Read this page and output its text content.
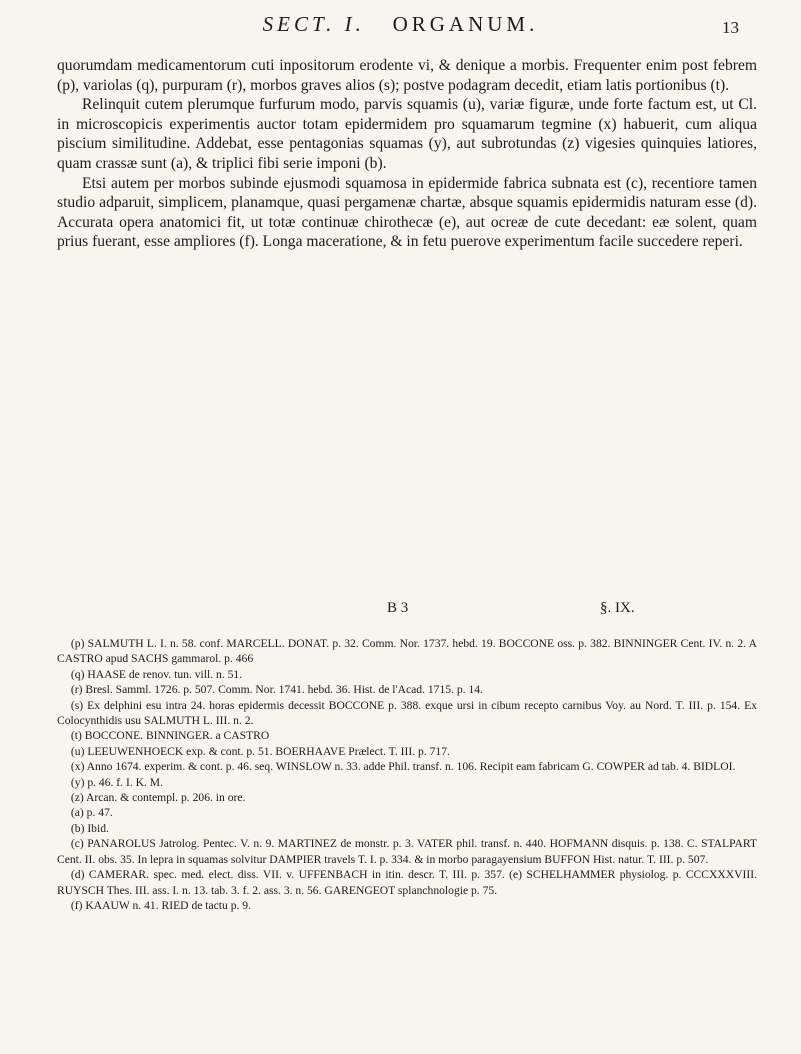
SECT. I. ORGANUM.	13

quorumdam medicamentorum cuti inpositorum erodente vi, & denique a morbis. Frequenter enim post febrem (p), variolas (q), purpuram (r), morbos graves alios (s); postve podagram decedit, etiam latis portionibus (t).

Relinquit cutem plerumque furfurum modo, parvis squamis (u), variæ figuræ, unde forte factum est, ut Cl. in microscopicis experimentis auctor totam epidermidem pro squamarum tegmine (x) habuerit, cum aliqua piscium similitudine. Addebat, esse pentagonias squamas (y), aut subrotundas (z) vigesies quinquies latiores, quam crassæ sunt (a), & triplici fibi serie imponi (b).

Etsi autem per morbos subinde ejusmodi squamosa in epidermide fabrica subnata est (c), recentiore tamen studio adparuit, simplicem, planamque, quasi pergamenæ chartæ, absque squamis epidermidis naturam esse (d). Accurata opera anatomici fit, ut totæ continuæ chirothecæ (e), aut ocreæ de cute decedant: eæ solent, quam prius fuerant, esse ampliores (f). Longa maceratione, & in fetu puerove experimentum facile succedere reperi.

B 3	§. IX.

(p) SALMUTH L. I. n. 58. conf. MARCELL. DONAT. p. 32. Comm. Nor. 1737. hebd. 19. BOCCONE oss. p. 382. BINNINGER Cent. IV. n. 2. A CASTRO apud SACHS gammarol. p. 466

(q) HAASE de renov. tun. vill. n. 51.

(r) Bresl. Samml. 1726. p. 507. Comm. Nor. 1741. hebd. 36. Hist. de l'Acad. 1715. p. 14.

(s) Ex delphini esu intra 24. horas epidermis decessit BOCCONE p. 388. exque ursi in cibum recepto carnibus Voy. au Nord. T. III. p. 154. Ex Colocynthidis usu SALMUTH L. III. n. 2.

(t) BOCCONE. BINNINGER. a CASTRO

(u) LEEUWENHOECK exp. & cont. p. 51. BOERHAAVE Prælect. T. III. p. 717.

(x) Anno 1674. experim. & cont. p. 46. seq. WINSLOW n. 33. adde Phil. transf. n. 106. Recipit eam fabricam G. COWPER ad tab. 4. BIDLOI.

(y) p. 46. f. I. K. M.

(z) Arcan. & contempl. p. 206. in ore.

(a) p. 47.

(b) Ibid.

(c) PANAROLUS Jatrolog. Pentec. V. n. 9. MARTINEZ de monstr. p. 3. VATER phil. transf. n. 440. HOFMANN disquis. p. 138. C. STALPART Cent. II. obs. 35. In lepra in squamas solvitur DAMPIER travels T. I. p. 334. & in morbo paragayensium BUFFON Hist. natur. T. III. p. 507.

(d) CAMERAR. spec. med. elect. diss. VII. v. UFFENBACH in itin. descr. T. III. p. 357. (e) SCHELHAMMER physiolog. p. CCCXXXVIII. RUYSCH Thes. III. ass. I. n. 13. tab. 3. f. 2. ass. 3. n. 56. GARENGEOT splanchnologie p. 75.

(f) KAAUW n. 41. RIED de tactu p. 9.
